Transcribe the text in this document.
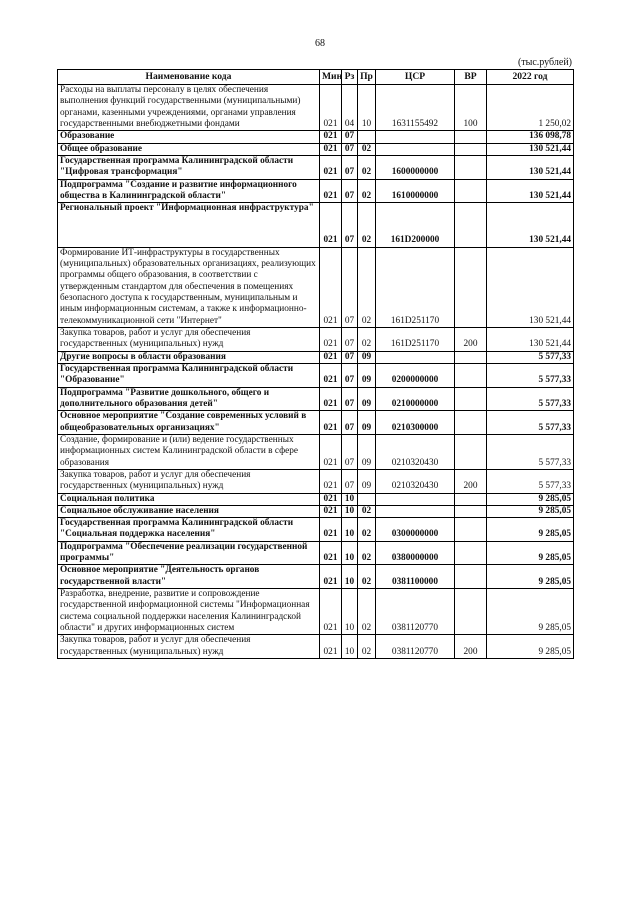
68
(тыс.рублей)
Наименование кода	Мин	Рз	Пр	ЦСР	ВР	2022 год
Расходы на выплаты персоналу в целях обеспечения выполнения функций государственными (муниципальными) органами, казенными учреждениями, органами управления государственными внебюджетными фондами	021	04	10	1631155492	100	1 250,02
Образование	021	07				136 098,78
Общее образование	021	07	02			130 521,44
Государственная программа Калининградской области "Цифровая трансформация"	021	07	02	1600000000		130 521,44
Подпрограмма "Создание и развитие информационного общества в Калининградской области"	021	07	02	1610000000		130 521,44
Региональный проект "Информационная инфраструктура"	021	07	02	161D200000		130 521,44
Формирование ИТ-инфраструктуры в государственных (муниципальных) образовательных организациях, реализующих программы общего образования, в соответствии с утвержденным стандартом для обеспечения в помещениях безопасного доступа к государственным, муниципальным и иным информационным системам, а также к информационно-телекоммуникационной сети "Интернет"	021	07	02	161D251170		130 521,44
Закупка товаров, работ и услуг для обеспечения государственных (муниципальных) нужд	021	07	02	161D251170	200	130 521,44
Другие вопросы в области образования	021	07	09			5 577,33
Государственная программа Калининградской области "Образование"	021	07	09	0200000000		5 577,33
Подпрограмма "Развитие дошкольного, общего и дополнительного образования детей"	021	07	09	0210000000		5 577,33
Основное мероприятие "Создание современных условий в общеобразовательных организациях"	021	07	09	0210300000		5 577,33
Создание, формирование и (или) ведение государственных информационных систем Калининградской области в сфере образования	021	07	09	0210320430		5 577,33
Закупка товаров, работ и услуг для обеспечения государственных (муниципальных) нужд	021	07	09	0210320430	200	5 577,33
Социальная политика	021	10				9 285,05
Социальное обслуживание населения	021	10	02			9 285,05
Государственная программа Калининградской области "Социальная поддержка населения"	021	10	02	0300000000		9 285,05
Подпрограмма "Обеспечение реализации государственной программы"	021	10	02	0380000000		9 285,05
Основное мероприятие "Деятельность органов государственной власти"	021	10	02	0381100000		9 285,05
Разработка, внедрение, развитие и сопровождение государственной информационной системы "Информационная система социальной поддержки населения Калининградской области" и других информационных систем	021	10	02	0381120770		9 285,05
Закупка товаров, работ и услуг для обеспечения государственных (муниципальных) нужд	021	10	02	0381120770	200	9 285,05
